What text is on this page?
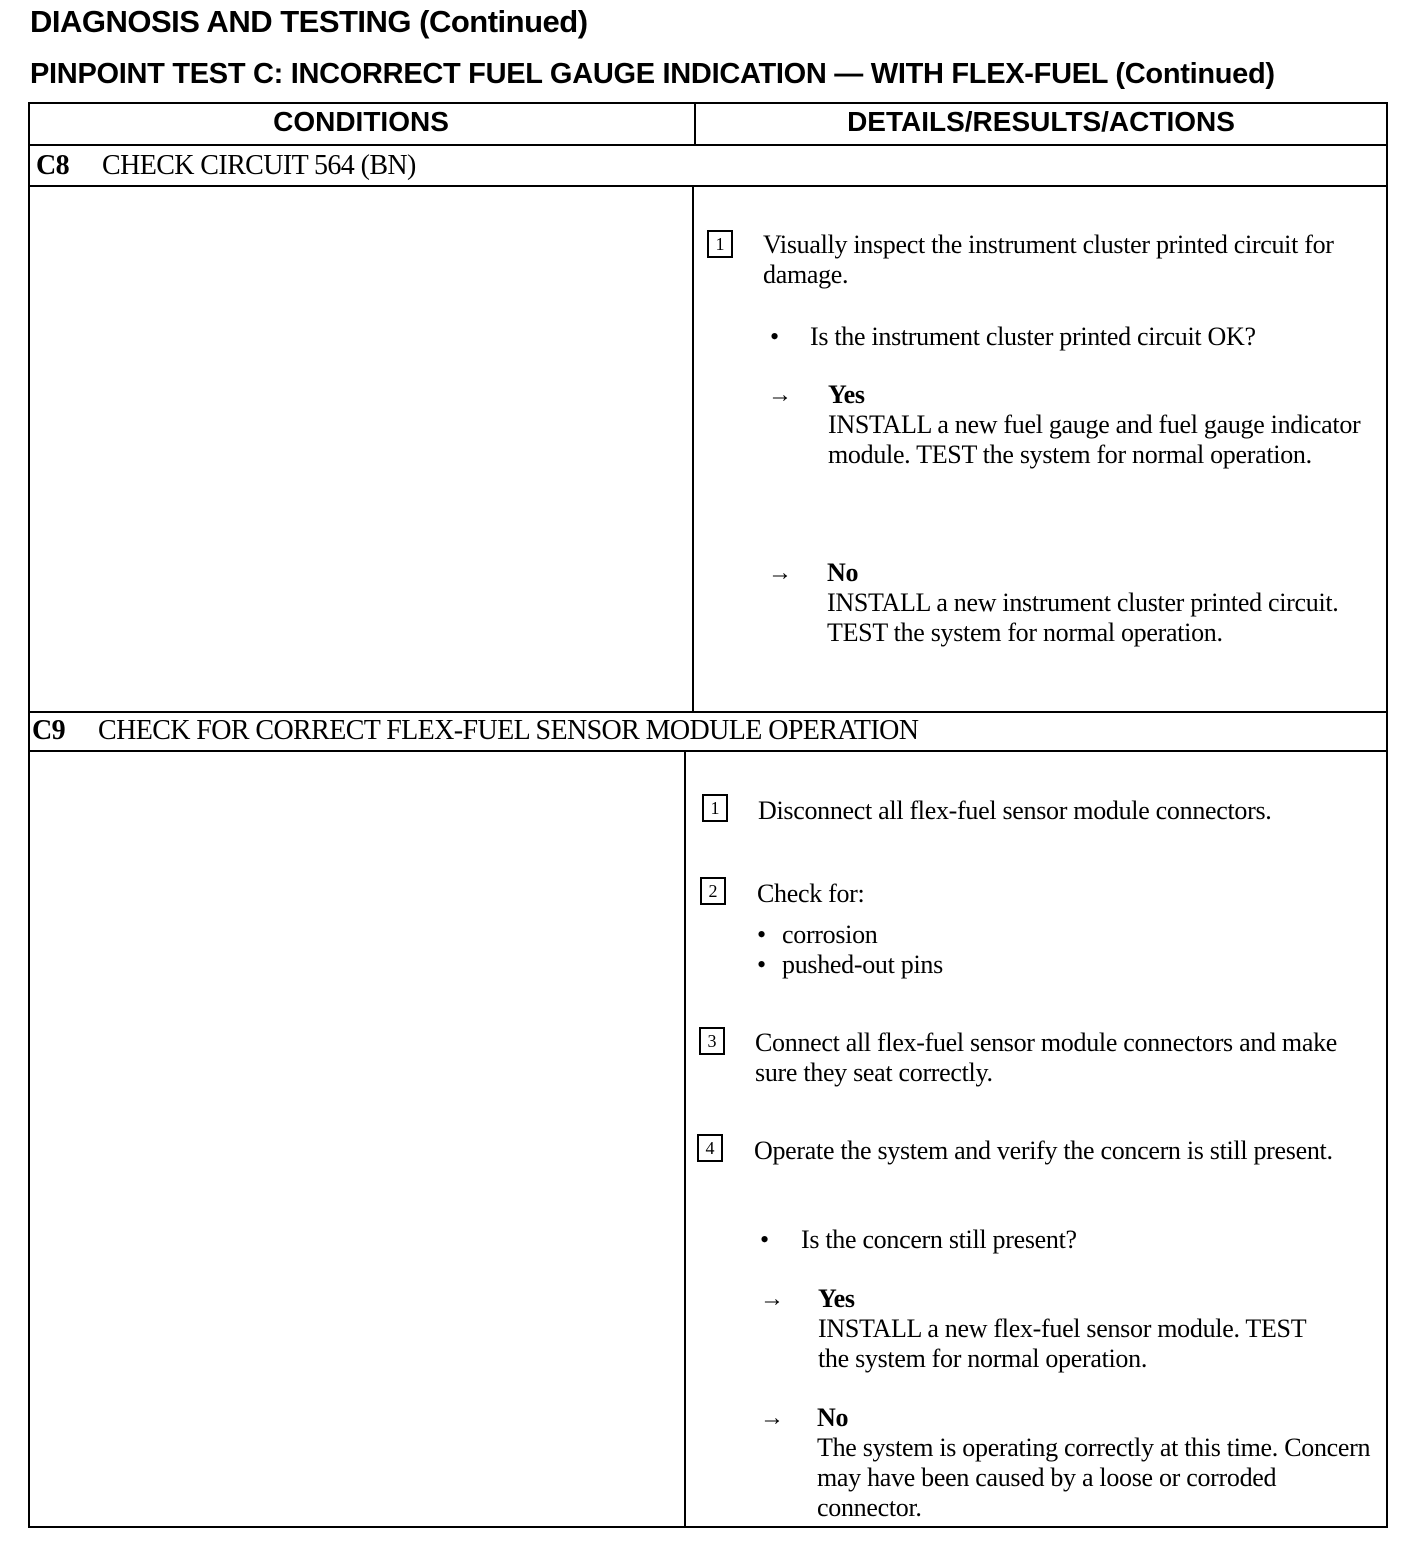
DIAGNOSIS AND TESTING (Continued)
PINPOINT TEST C: INCORRECT FUEL GAUGE INDICATION — WITH FLEX-FUEL (Continued)
CONDITIONS	DETAILS/RESULTS/ACTIONS
C8 CHECK CIRCUIT 564 (BN)
1	Visually inspect the instrument cluster printed circuit for damage.
• Is the instrument cluster printed circuit OK?
→ Yes
INSTALL a new fuel gauge and fuel gauge indicator module. TEST the system for normal operation.
→ No
INSTALL a new instrument cluster printed circuit. TEST the system for normal operation.
C9 CHECK FOR CORRECT FLEX-FUEL SENSOR MODULE OPERATION
1	Disconnect all flex-fuel sensor module connectors.
2	Check for:
• corrosion
• pushed-out pins
3	Connect all flex-fuel sensor module connectors and make sure they seat correctly.
4	Operate the system and verify the concern is still present.
• Is the concern still present?
→ Yes
INSTALL a new flex-fuel sensor module. TEST the system for normal operation.
→ No
The system is operating correctly at this time. Concern may have been caused by a loose or corroded connector.
